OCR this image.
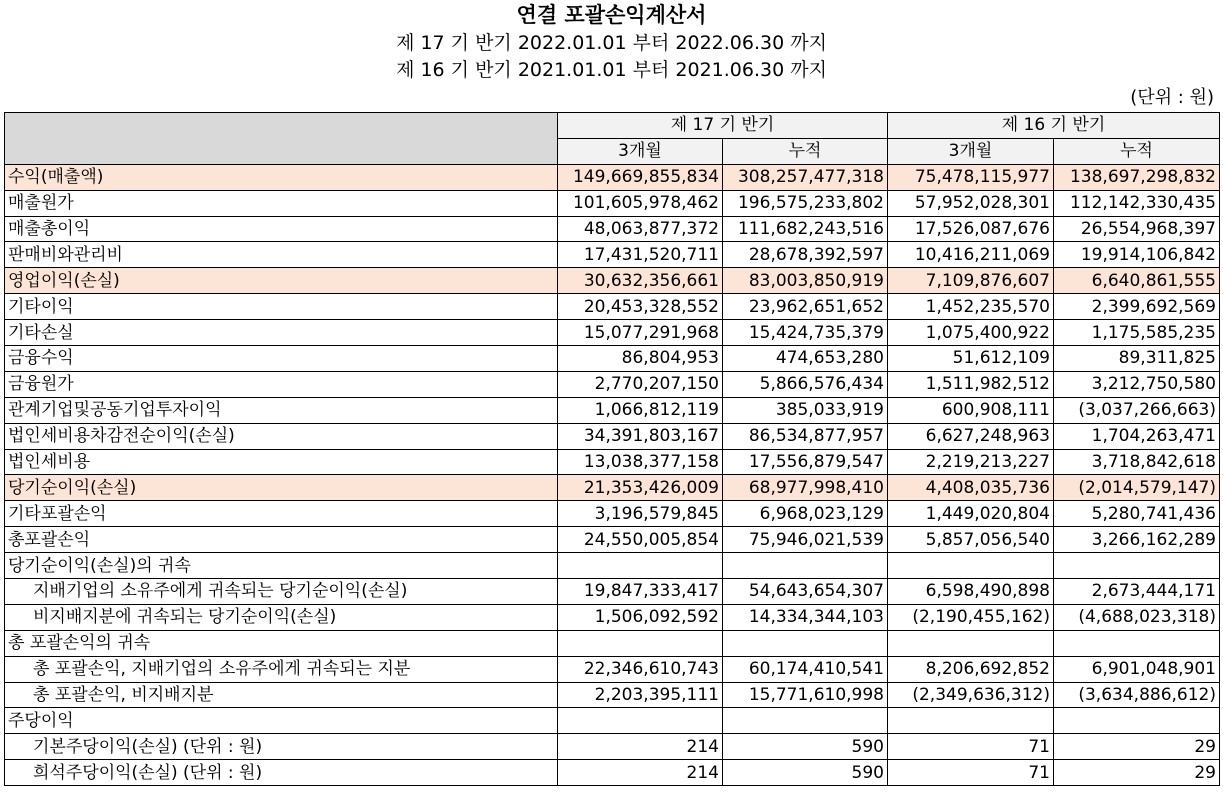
연결 포괄손익계산서
제 17 기 반기 2022.01.01 부터 2022.06.30 까지
제 16 기 반기 2021.01.01 부터 2021.06.30 까지
(단위 : 원)
	제 17 기 반기		제 16 기 반기	
	3개월	누적	3개월	누적
수익(매출액)	149,669,855,834	308,257,477,318	75,478,115,977	138,697,298,832
매출원가	101,605,978,462	196,575,233,802	57,952,028,301	112,142,330,435
매출총이익	48,063,877,372	111,682,243,516	17,526,087,676	26,554,968,397
판매비와관리비	17,431,520,711	28,678,392,597	10,416,211,069	19,914,106,842
영업이익(손실)	30,632,356,661	83,003,850,919	7,109,876,607	6,640,861,555
기타이익	20,453,328,552	23,962,651,652	1,452,235,570	2,399,692,569
기타손실	15,077,291,968	15,424,735,379	1,075,400,922	1,175,585,235
금융수익	86,804,953	474,653,280	51,612,109	89,311,825
금융원가	2,770,207,150	5,866,576,434	1,511,982,512	3,212,750,580
관계기업및공동기업투자이익	1,066,812,119	385,033,919	600,908,111	(3,037,266,663)
법인세비용차감전순이익(손실)	34,391,803,167	86,534,877,957	6,627,248,963	1,704,263,471
법인세비용	13,038,377,158	17,556,879,547	2,219,213,227	3,718,842,618
당기순이익(손실)	21,353,426,009	68,977,998,410	4,408,035,736	(2,014,579,147)
기타포괄손익	3,196,579,845	6,968,023,129	1,449,020,804	5,280,741,436
총포괄손익	24,550,005,854	75,946,021,539	5,857,056,540	3,266,162,289
당기순이익(손실)의 귀속				
지배기업의 소유주에게 귀속되는 당기순이익(손실)	19,847,333,417	54,643,654,307	6,598,490,898	2,673,444,171
비지배지분에 귀속되는 당기순이익(손실)	1,506,092,592	14,334,344,103	(2,190,455,162)	(4,688,023,318)
총 포괄손익의 귀속				
총 포괄손익, 지배기업의 소유주에게 귀속되는 지분	22,346,610,743	60,174,410,541	8,206,692,852	6,901,048,901
총 포괄손익, 비지배지분	2,203,395,111	15,771,610,998	(2,349,636,312)	(3,634,886,612)
주당이익				
기본주당이익(손실) (단위 : 원)	214	590	71	29
희석주당이익(손실) (단위 : 원)	214	590	71	29
